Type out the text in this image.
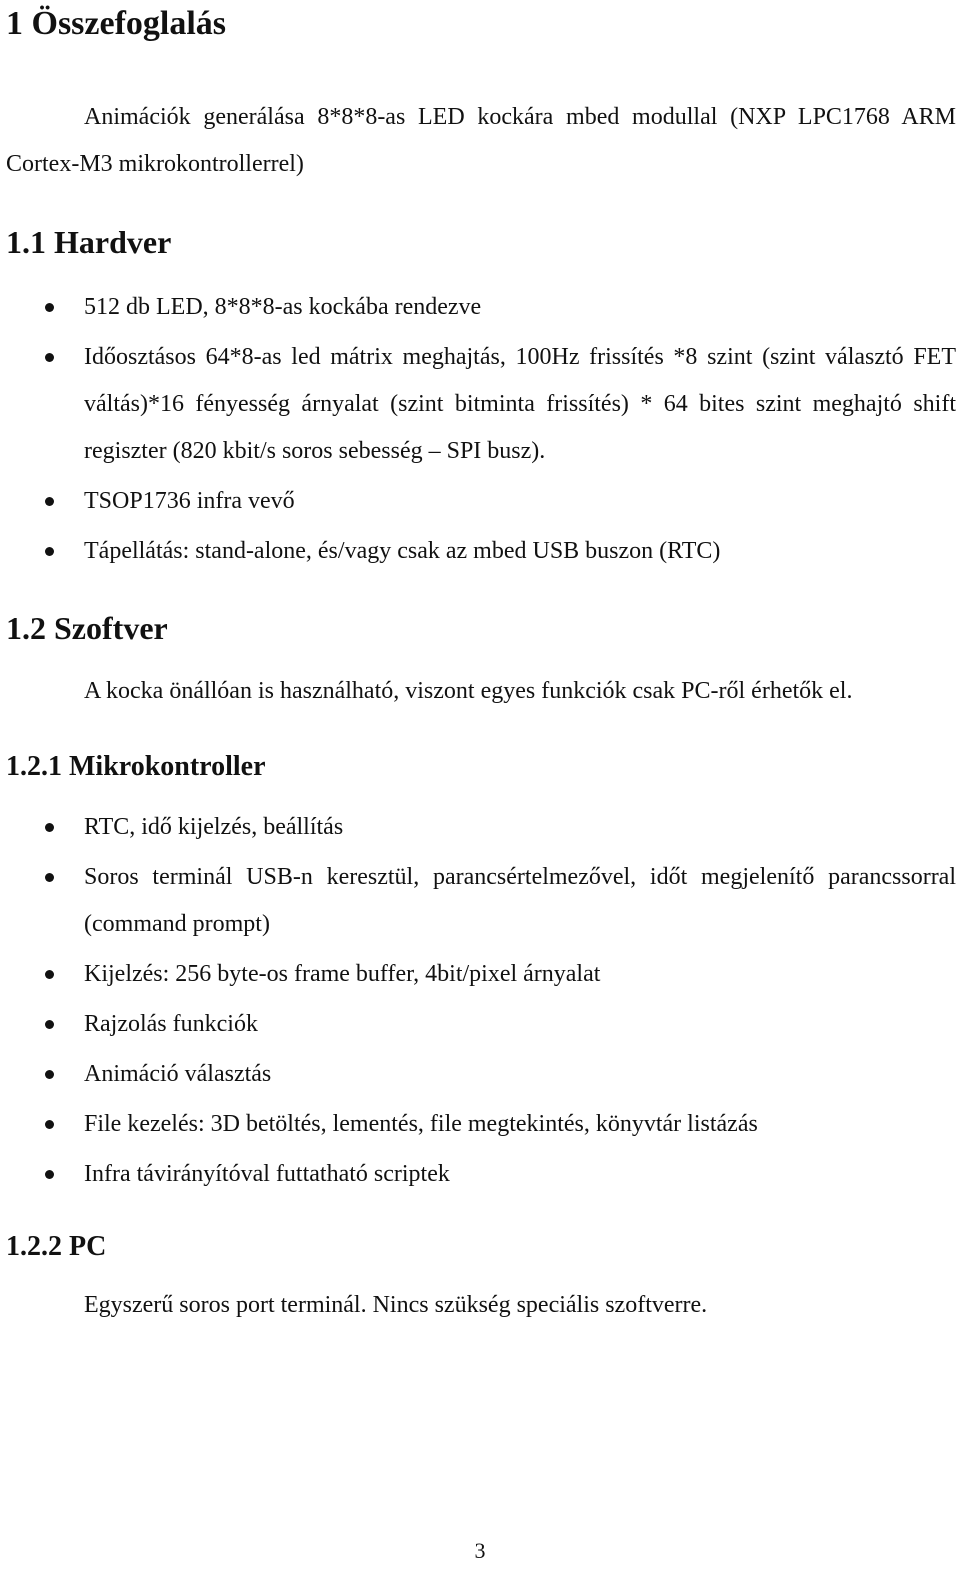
1 Összefoglalás

Animációk generálása 8*8*8-as LED kockára mbed modullal (NXP LPC1768 ARM Cortex-M3 mikrokontrollerrel)

1.1 Hardver
512 db LED, 8*8*8-as kockába rendezve
Időosztásos 64*8-as led mátrix meghajtás, 100Hz frissítés *8 szint (szint választó FET váltás)*16 fényesség árnyalat (szint bitminta frissítés) * 64 bites szint meghajtó shift regiszter (820 kbit/s soros sebesség – SPI busz).
TSOP1736 infra vevő
Tápellátás: stand-alone, és/vagy csak az mbed USB buszon (RTC)
1.2 Szoftver

A kocka önállóan is használható, viszont egyes funkciók csak PC-ről érhetők el.

1.2.1 Mikrokontroller
RTC, idő kijelzés, beállítás
Soros terminál USB-n keresztül, parancsértelmezővel, időt megjelenítő parancssorral (command prompt)
Kijelzés: 256 byte-os frame buffer, 4bit/pixel árnyalat
Rajzolás funkciók
Animáció választás
File kezelés: 3D betöltés, lementés, file megtekintés, könyvtár listázás
Infra távirányítóval futtatható scriptek
1.2.2 PC

Egyszerű soros port terminál. Nincs szükség speciális szoftverre.

3
